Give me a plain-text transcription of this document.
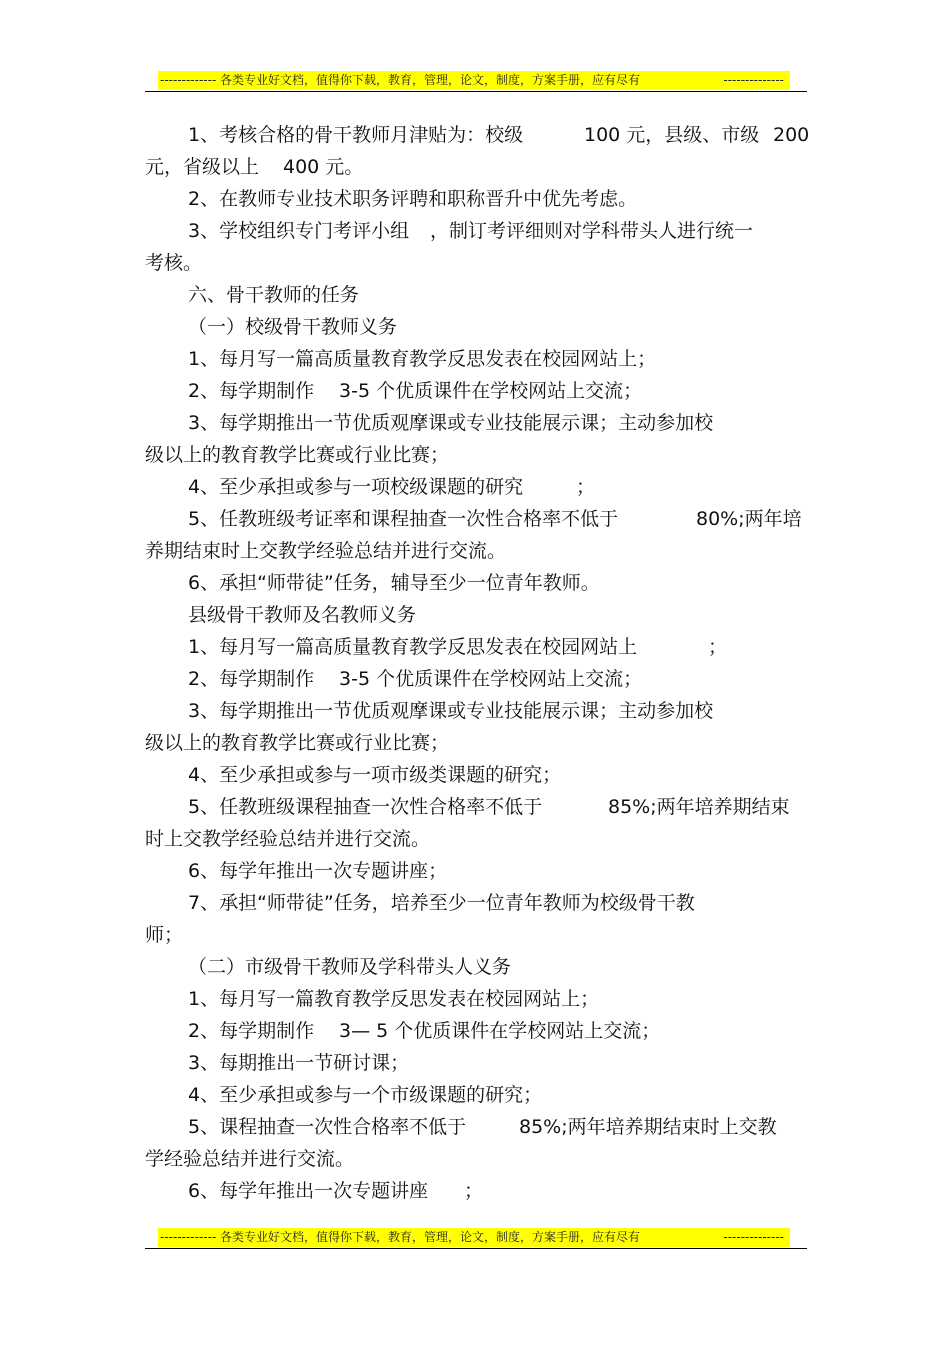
------------- 各类专业好文档，值得你下载，教育，管理，论文，制度，方案手册，应有尽有	--------------
1、考核合格的骨干教师月津贴为：校级	100 元，县级、市级 200
元，省级以上 400 元。
2、在教师专业技术职务评聘和职称晋升中优先考虑。
3、学校组织专门考评小组 ，制订考评细则对学科带头人进行统一
考核。
六、骨干教师的任务
（一）校级骨干教师义务
1、每月写一篇高质量教育教学反思发表在校园网站上；
2、每学期制作 3-5 个优质课件在学校网站上交流；
3、每学期推出一节优质观摩课或专业技能展示课；主动参加校
级以上的教育教学比赛或行业比赛；
4、至少承担或参与一项校级课题的研究	；
5、任教班级考证率和课程抽查一次性合格率不低于	80%;两年培
养期结束时上交教学经验总结并进行交流。
6、承担“师带徒”任务，辅导至少一位青年教师。
县级骨干教师及名教师义务
1、每月写一篇高质量教育教学反思发表在校园网站上	；
2、每学期制作 3-5 个优质课件在学校网站上交流；
3、每学期推出一节优质观摩课或专业技能展示课；主动参加校
级以上的教育教学比赛或行业比赛；
4、至少承担或参与一项市级类课题的研究；
5、任教班级课程抽查一次性合格率不低于	85%;两年培养期结束
时上交教学经验总结并进行交流。
6、每学年推出一次专题讲座；
7、承担“师带徒”任务，培养至少一位青年教师为校级骨干教
师；
（二）市级骨干教师及学科带头人义务
1、每月写一篇教育教学反思发表在校园网站上；
2、每学期制作 3— 5 个优质课件在学校网站上交流；
3、每期推出一节研讨课；
4、至少承担或参与一个市级课题的研究；
5、课程抽查一次性合格率不低于	85%;两年培养期结束时上交教
学经验总结并进行交流。
6、每学年推出一次专题讲座 ；
------------- 各类专业好文档，值得你下载，教育，管理，论文，制度，方案手册，应有尽有	--------------
